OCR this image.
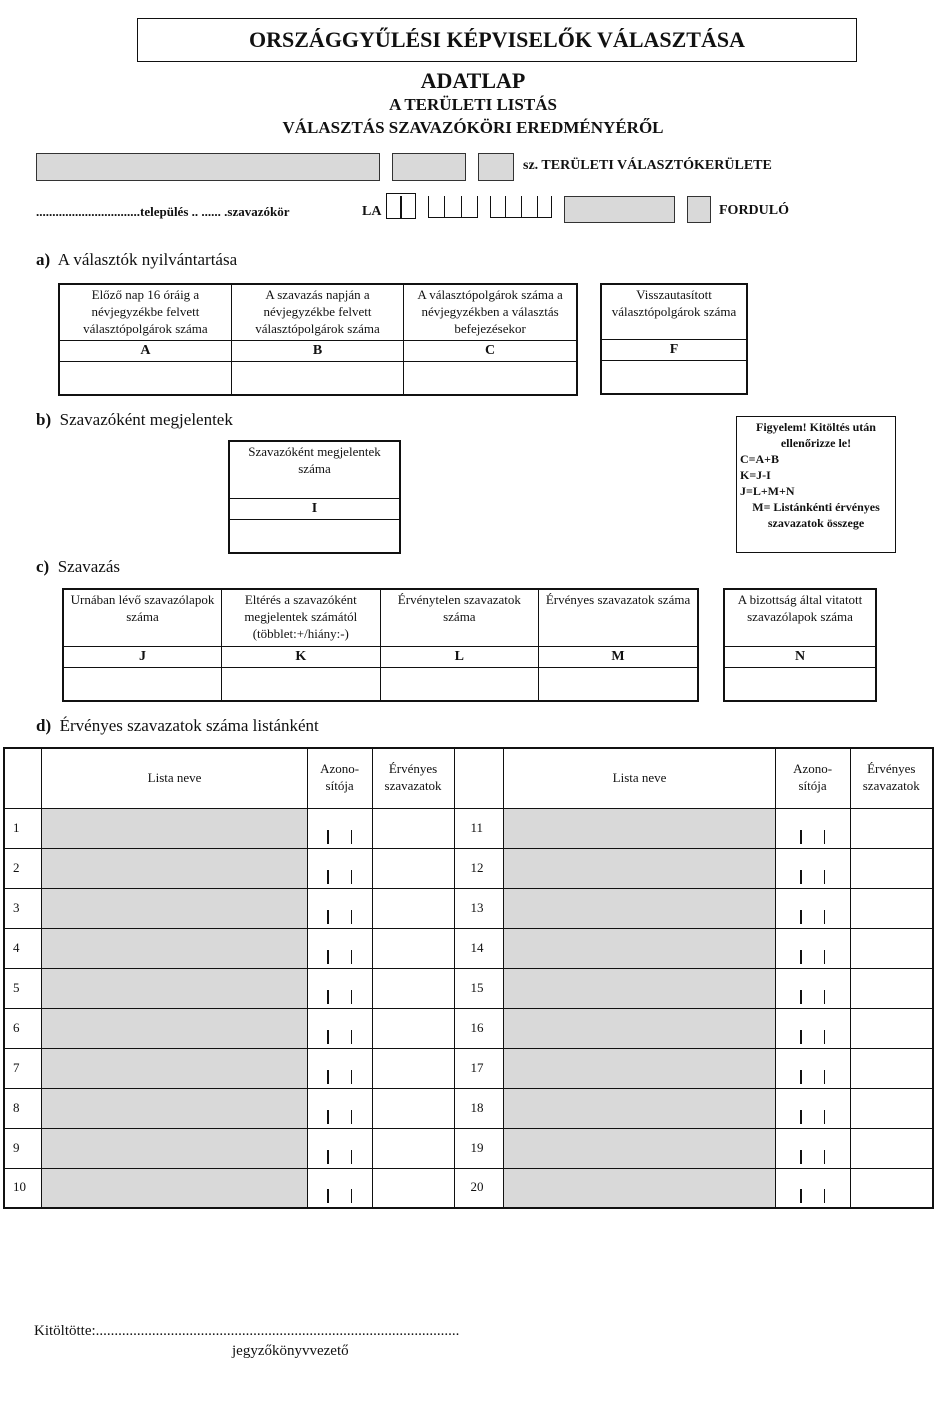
ORSZÁGGYŰLÉSI KÉPVISELŐK VÁLASZTÁSA
ADATLAP
A TERÜLETI LISTÁS
VÁLASZTÁS SZAVAZÓKÖRI EREDMÉNYÉRŐL
sz. TERÜLETI VÁLASZTÓKERÜLETE
................................település .. ...... .szavazókör	LA	FORDULÓ
a) A választók nyilvántartása
Előző nap 16 óráig a névjegyzékbe felvett választópolgárok száma	A szavazás napján a névjegyzékbe felvett választópolgárok száma	A választópolgárok száma a névjegyzékben a választás befejezésekor
A	B	C

Visszautasított választópolgárok száma
F

b) Szavazóként megjelentek
Szavazóként megjelentek száma
I

Figyelem! Kitöltés után ellenőrizze le!
C=A+B
K=J-I
J=L+M+N
M= Listánkénti érvényes szavazatok összege
c) Szavazás
Urnában lévő szavazólapok száma	Eltérés a szavazóként megjelentek számától (többlet:+/hiány:-)	Érvénytelen szavazatok száma	Érvényes szavazatok száma
J	K	L	M

A bizottság által vitatott szavazólapok száma
N

d) Érvényes szavazatok száma listánként
	Lista neve	Azono-
sítója	Érvényes szavazatok		Lista neve	Azono-
sítója	Érvényes szavazatok
1				11			
2				12			
3				13			
4				14			
5				15			
6				16			
7				17			
8				18			
9				19			
10				20			
Kitöltötte:.................................................................................................
jegyzőkönyvvezető
